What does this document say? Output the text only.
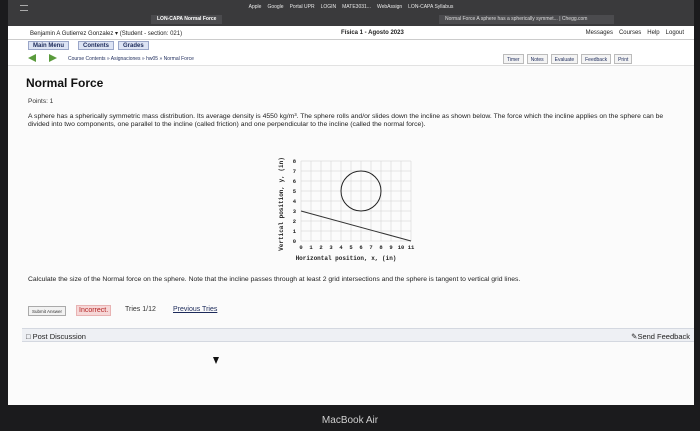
Apple Google Portal UPR LOGIN MATE3031... WebAssign LON-CAPA Syllabus
LON-CAPA Normal Force	Normal Force A sphere has a spherically symmet... | Chegg.com
Benjamin A Gutierrez Gonzalez ▾ (Student - section: 021)	Física 1 - Agosto 2023	Messages Courses Help Logout
Main Menu	Contents	Grades
Course Contents » Asignaciones » hw05 » Normal Force	Timer Notes Evaluate Feedback Print
Normal Force
Points: 1
A sphere has a spherically symmetric mass distribution. Its average density is 4550 kg/m³. The sphere rolls and/or slides down the incline as shown below. The force which the incline applies on the sphere can be divided into two components, one parallel to the incline (called friction) and one perpendicular to the incline (called the normal force).
0
1
2
3
4
5
6
7
8
0 1 2 3 4 5 6 7 8 9 10 11
Vertical position, y, (in)
Horizontal position, x, (in)
Calculate the size of the Normal force on the sphere. Note that the incline passes through at least 2 grid intersections and the sphere is tangent to vertical grid lines.
Submit Answer	Incorrect.	Tries 1/12 Previous Tries
□ Post Discussion	✎Send Feedback
MacBook Air
